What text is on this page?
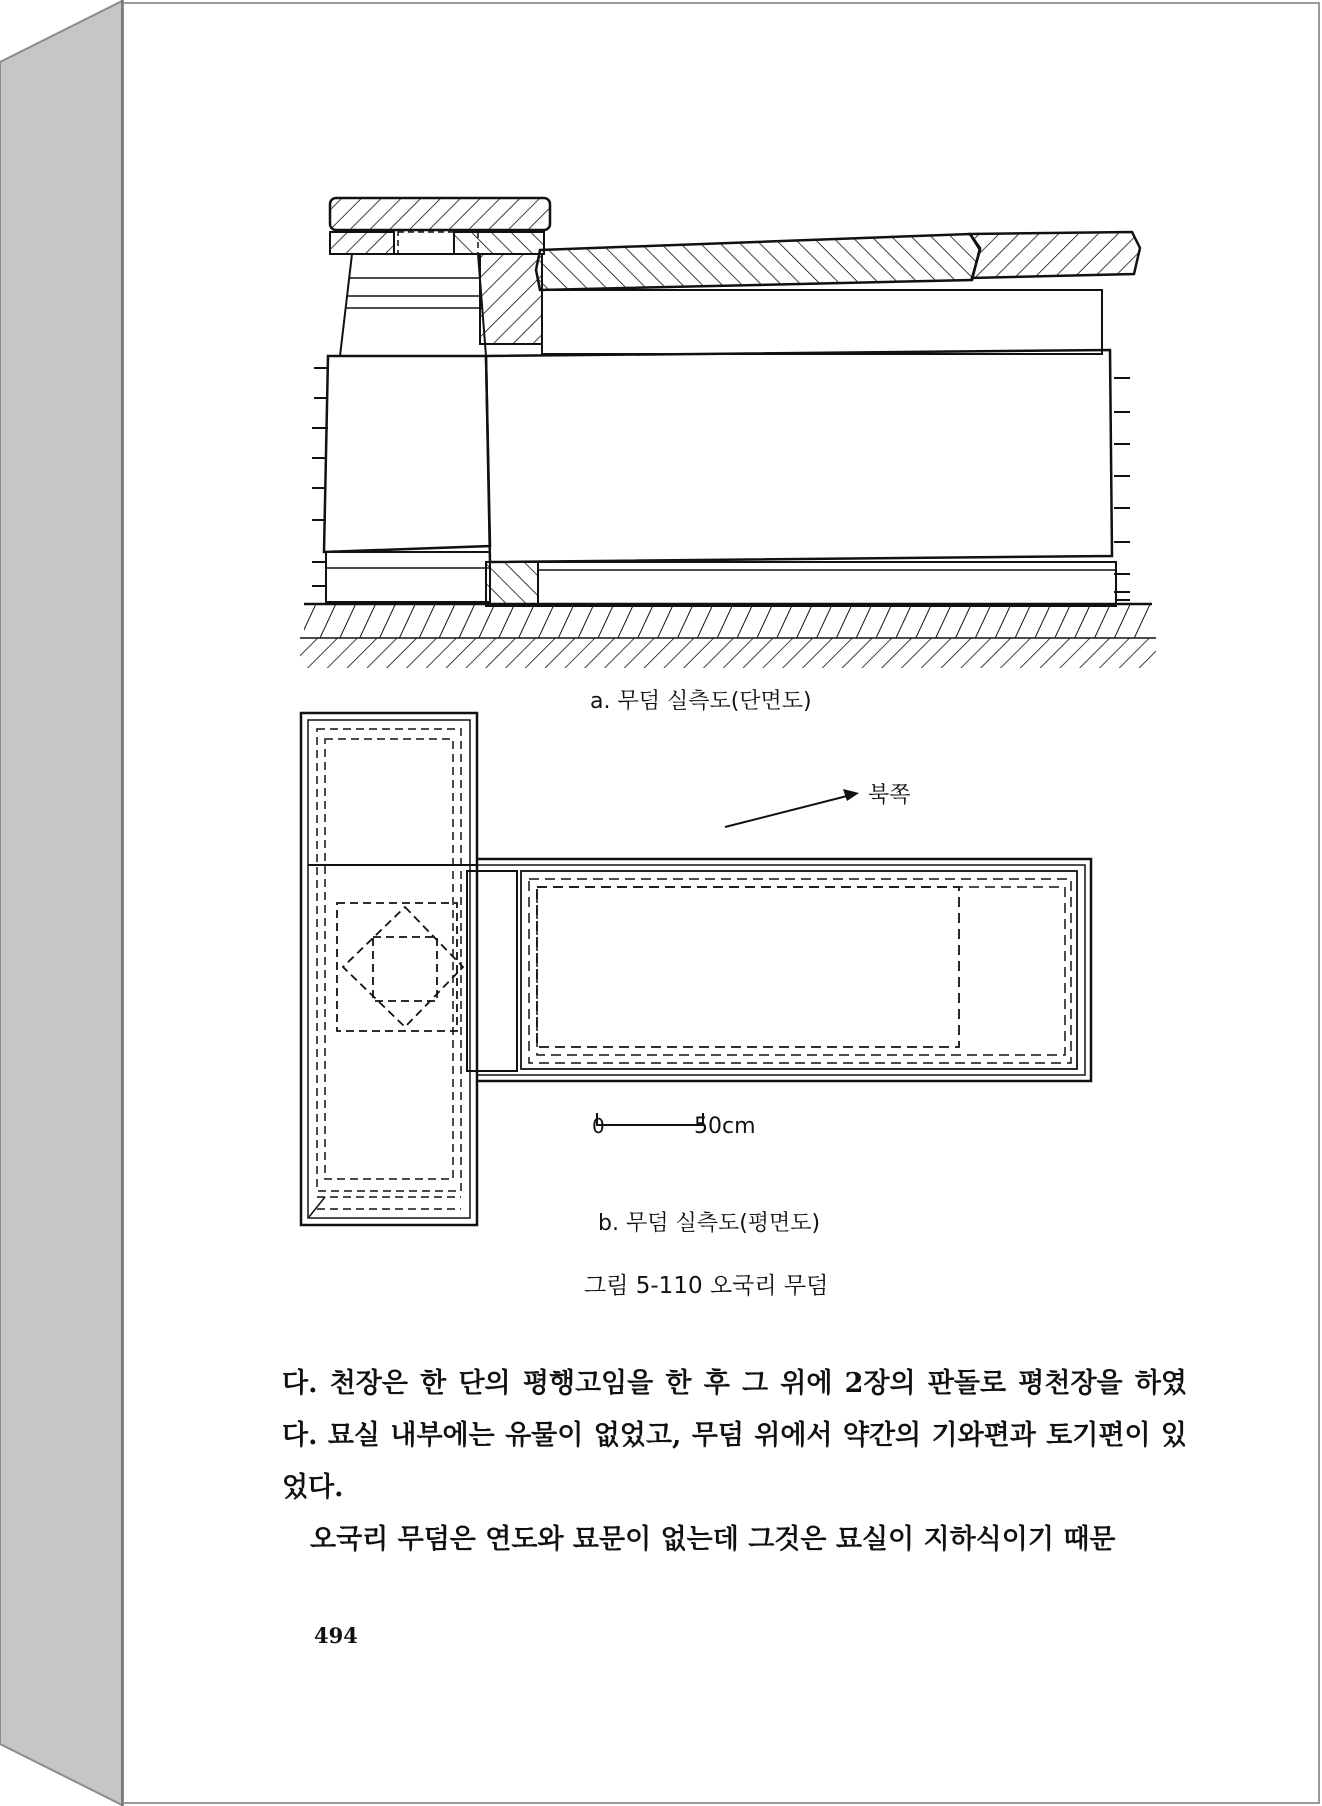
a. 무덤 실측도(단면도)
북쪽
0	50cm
b. 무덤 실측도(평면도)
그림 5-110 오국리 무덤

다. 천장은 한 단의 평행고임을 한 후 그 위에 2장의 판돌로 평천장을 하였다. 묘실 내부에는 유물이 없었고, 무덤 위에서 약간의 기와편과 토기편이 있었다.

오국리 무덤은 연도와 묘문이 없는데 그것은 묘실이 지하식이기 때문

494
